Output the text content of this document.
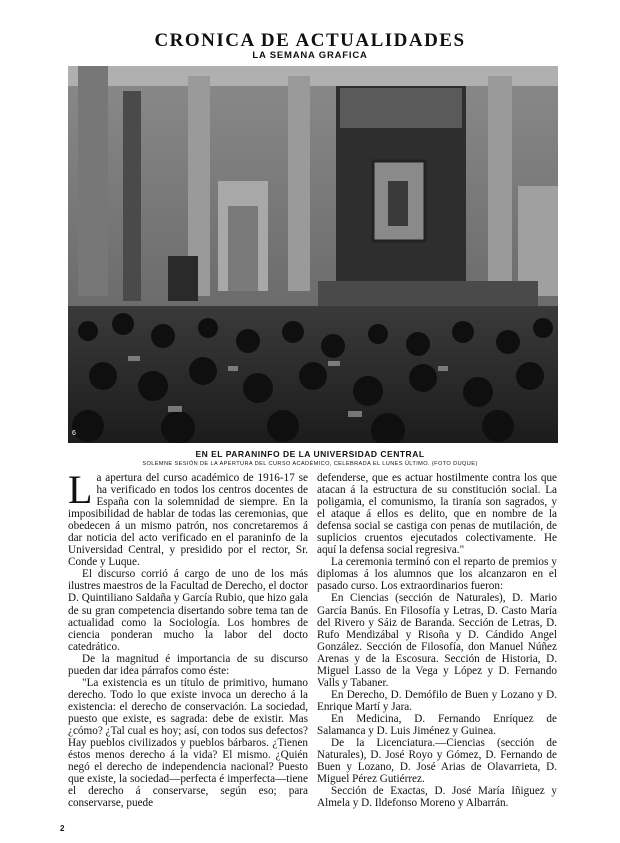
CRONICA DE ACTUALIDADES
LA SEMANA GRAFICA
6
EN EL PARANINFO DE LA UNIVERSIDAD CENTRAL
SOLEMNE SESIÓN DE LA APERTURA DEL CURSO ACADÉMICO, CELEBRADA EL LUNES ÚLTIMO. (FOTO DUQUE)

La apertura del curso académico de 1916-17 se ha verificado en todos los centros docentes de España con la solemnidad de siempre. En la imposibilidad de hablar de todas las ceremonias, que obedecen á un mismo patrón, nos concretaremos á dar noticia del acto verificado en el paraninfo de la Universidad Central, y presidido por el rector, Sr. Conde y Luque.

El discurso corrió á cargo de uno de los más ilustres maestros de la Facultad de Derecho, el doctor D. Quintiliano Saldaña y García Rubio, que hizo gala de su gran competencia disertando sobre tema tan de actualidad como la Sociología. Los hombres de ciencia ponderan mucho la labor del docto catedrático.

De la magnitud é importancia de su discurso pueden dar idea párrafos como éste:

"La existencia es un título de primitivo, humano derecho. Todo lo que existe invoca un derecho á la existencia: el derecho de conservación. La sociedad, puesto que existe, es sagrada: debe de existir. Mas ¿cómo? ¿Tal cual es hoy; así, con todos sus defectos? Hay pueblos civilizados y pueblos bárbaros. ¿Tienen éstos menos derecho á la vida? El mismo. ¿Quién negó el derecho de independencia nacional? Puesto que existe, la sociedad—perfecta é imperfecta—tiene el derecho á conservarse, según eso; para conservarse, puede

defenderse, que es actuar hostilmente contra los que atacan á la estructura de su constitución social. La poligamia, el comunismo, la tiranía son sagrados, y el ataque á ellos es delito, que en nombre de la defensa social se castiga con penas de mutilación, de suplicios cruentos ejecutados colectivamente. He aquí la defensa social regresiva."

La ceremonia terminó con el reparto de premios y diplomas á los alumnos que los alcanzaron en el pasado curso. Los extraordinarios fueron:

En Ciencias (sección de Naturales), D. Mario García Banús. En Filosofía y Letras, D. Casto María del Rivero y Sáiz de Baranda. Sección de Letras, D. Rufo Mendizábal y Risoña y D. Cándido Angel González. Sección de Filosofía, don Manuel Núñez Arenas y de la Escosura. Sección de Historia, D. Miguel Lasso de la Vega y López y D. Fernando Valls y Tabaner.

En Derecho, D. Demófilo de Buen y Lozano y D. Enrique Martí y Jara.

En Medicina, D. Fernando Enríquez de Salamanca y D. Luis Jiménez y Guinea.

De la Licenciatura.—Ciencias (sección de Naturales), D. José Royo y Gómez, D. Fernando de Buen y Lozano, D. José Arias de Olavarrieta, D. Miguel Pérez Gutiérrez.

Sección de Exactas, D. José María Iñiguez y Almela y D. Ildefonso Moreno y Albarrán.

2
